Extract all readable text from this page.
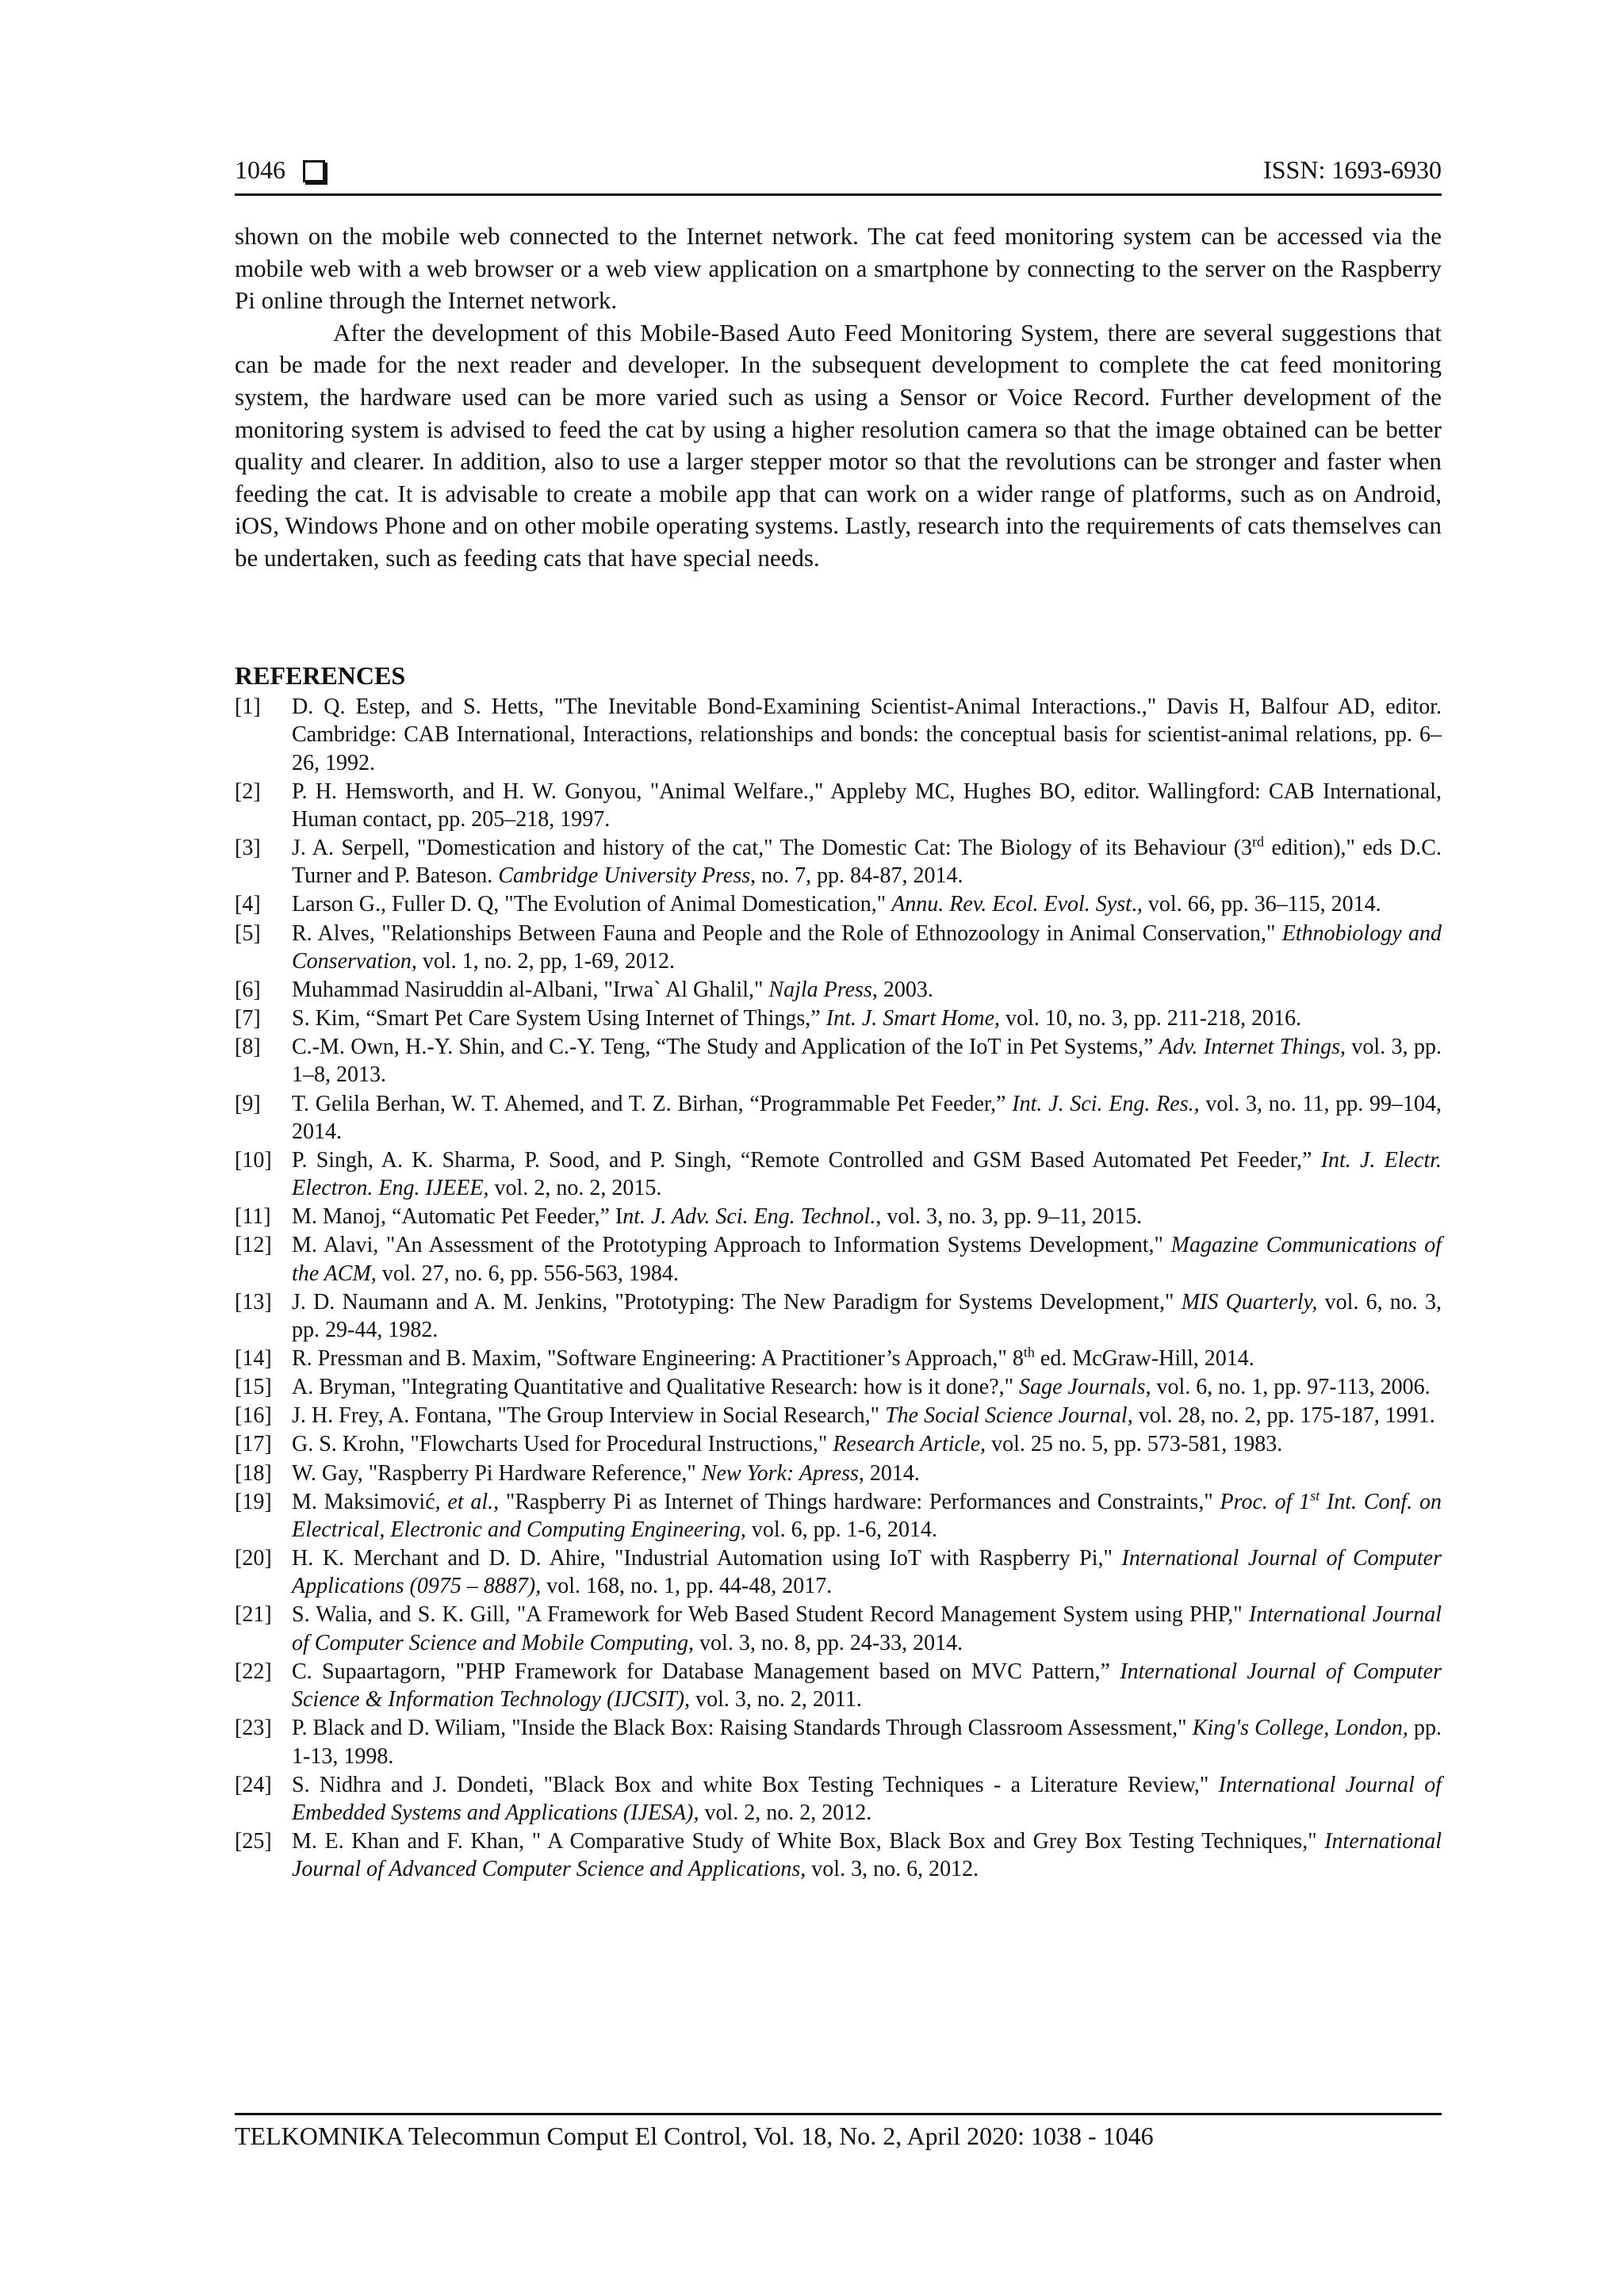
1046	ISSN: 1693-6930

shown on the mobile web connected to the Internet network. The cat feed monitoring system can be accessed via the mobile web with a web browser or a web view application on a smartphone by connecting to the server on the Raspberry Pi online through the Internet network.

After the development of this Mobile-Based Auto Feed Monitoring System, there are several suggestions that can be made for the next reader and developer. In the subsequent development to complete the cat feed monitoring system, the hardware used can be more varied such as using a Sensor or Voice Record. Further development of the monitoring system is advised to feed the cat by using a higher resolution camera so that the image obtained can be better quality and clearer. In addition, also to use a larger stepper motor so that the revolutions can be stronger and faster when feeding the cat. It is advisable to create a mobile app that can work on a wider range of platforms, such as on Android, iOS, Windows Phone and on other mobile operating systems. Lastly, research into the requirements of cats themselves can be undertaken, such as feeding cats that have special needs.

REFERENCES
[1] D. Q. Estep, and S. Hetts, "The Inevitable Bond-Examining Scientist-Animal Interactions.," Davis H, Balfour AD, editor. Cambridge: CAB International, Interactions, relationships and bonds: the conceptual basis for scientist-animal relations, pp. 6–26, 1992.
[2] P. H. Hemsworth, and H. W. Gonyou, "Animal Welfare.," Appleby MC, Hughes BO, editor. Wallingford: CAB International, Human contact, pp. 205–218, 1997.
[3] J. A. Serpell, "Domestication and history of the cat," The Domestic Cat: The Biology of its Behaviour (3rd edition)," eds D.C. Turner and P. Bateson. Cambridge University Press, no. 7, pp. 84-87, 2014.
[4] Larson G., Fuller D. Q, "The Evolution of Animal Domestication," Annu. Rev. Ecol. Evol. Syst., vol. 66, pp. 36–115, 2014.
[5] R. Alves, "Relationships Between Fauna and People and the Role of Ethnozoology in Animal Conservation," Ethnobiology and Conservation, vol. 1, no. 2, pp, 1-69, 2012.
[6] Muhammad Nasiruddin al-Albani, "Irwa` Al Ghalil," Najla Press, 2003.
[7] S. Kim, “Smart Pet Care System Using Internet of Things,” Int. J. Smart Home, vol. 10, no. 3, pp. 211-218, 2016.
[8] C.-M. Own, H.-Y. Shin, and C.-Y. Teng, “The Study and Application of the IoT in Pet Systems,” Adv. Internet Things, vol. 3, pp. 1–8, 2013.
[9] T. Gelila Berhan, W. T. Ahemed, and T. Z. Birhan, “Programmable Pet Feeder,” Int. J. Sci. Eng. Res., vol. 3, no. 11, pp. 99–104, 2014.
[10] P. Singh, A. K. Sharma, P. Sood, and P. Singh, “Remote Controlled and GSM Based Automated Pet Feeder,” Int. J. Electr. Electron. Eng. IJEEE, vol. 2, no. 2, 2015.
[11] M. Manoj, “Automatic Pet Feeder,” Int. J. Adv. Sci. Eng. Technol., vol. 3, no. 3, pp. 9–11, 2015.
[12] M. Alavi, "An Assessment of the Prototyping Approach to Information Systems Development," Magazine Communications of the ACM, vol. 27, no. 6, pp. 556-563, 1984.
[13] J. D. Naumann and A. M. Jenkins, "Prototyping: The New Paradigm for Systems Development," MIS Quarterly, vol. 6, no. 3, pp. 29-44, 1982.
[14] R. Pressman and B. Maxim, "Software Engineering: A Practitioner’s Approach," 8th ed. McGraw-Hill, 2014.
[15] A. Bryman, "Integrating Quantitative and Qualitative Research: how is it done?," Sage Journals, vol. 6, no. 1, pp. 97-113, 2006.
[16] J. H. Frey, A. Fontana, "The Group Interview in Social Research," The Social Science Journal, vol. 28, no. 2, pp. 175-187, 1991.
[17] G. S. Krohn, "Flowcharts Used for Procedural Instructions," Research Article, vol. 25 no. 5, pp. 573-581, 1983.
[18] W. Gay, "Raspberry Pi Hardware Reference," New York: Apress, 2014.
[19] M. Maksimović, et al., "Raspberry Pi as Internet of Things hardware: Performances and Constraints," Proc. of 1st Int. Conf. on Electrical, Electronic and Computing Engineering, vol. 6, pp. 1-6, 2014.
[20] H. K. Merchant and D. D. Ahire, "Industrial Automation using IoT with Raspberry Pi," International Journal of Computer Applications (0975 – 8887), vol. 168, no. 1, pp. 44-48, 2017.
[21] S. Walia, and S. K. Gill, "A Framework for Web Based Student Record Management System using PHP," International Journal of Computer Science and Mobile Computing, vol. 3, no. 8, pp. 24-33, 2014.
[22] C. Supaartagorn, "PHP Framework for Database Management based on MVC Pattern,” International Journal of Computer Science & Information Technology (IJCSIT), vol. 3, no. 2, 2011.
[23] P. Black and D. Wiliam, "Inside the Black Box: Raising Standards Through Classroom Assessment," King's College, London, pp. 1-13, 1998.
[24] S. Nidhra and J. Dondeti, "Black Box and white Box Testing Techniques - a Literature Review," International Journal of Embedded Systems and Applications (IJESA), vol. 2, no. 2, 2012.
[25] M. E. Khan and F. Khan, " A Comparative Study of White Box, Black Box and Grey Box Testing Techniques," International Journal of Advanced Computer Science and Applications, vol. 3, no. 6, 2012.
TELKOMNIKA Telecommun Comput El Control, Vol. 18, No. 2, April 2020: 1038 - 1046
